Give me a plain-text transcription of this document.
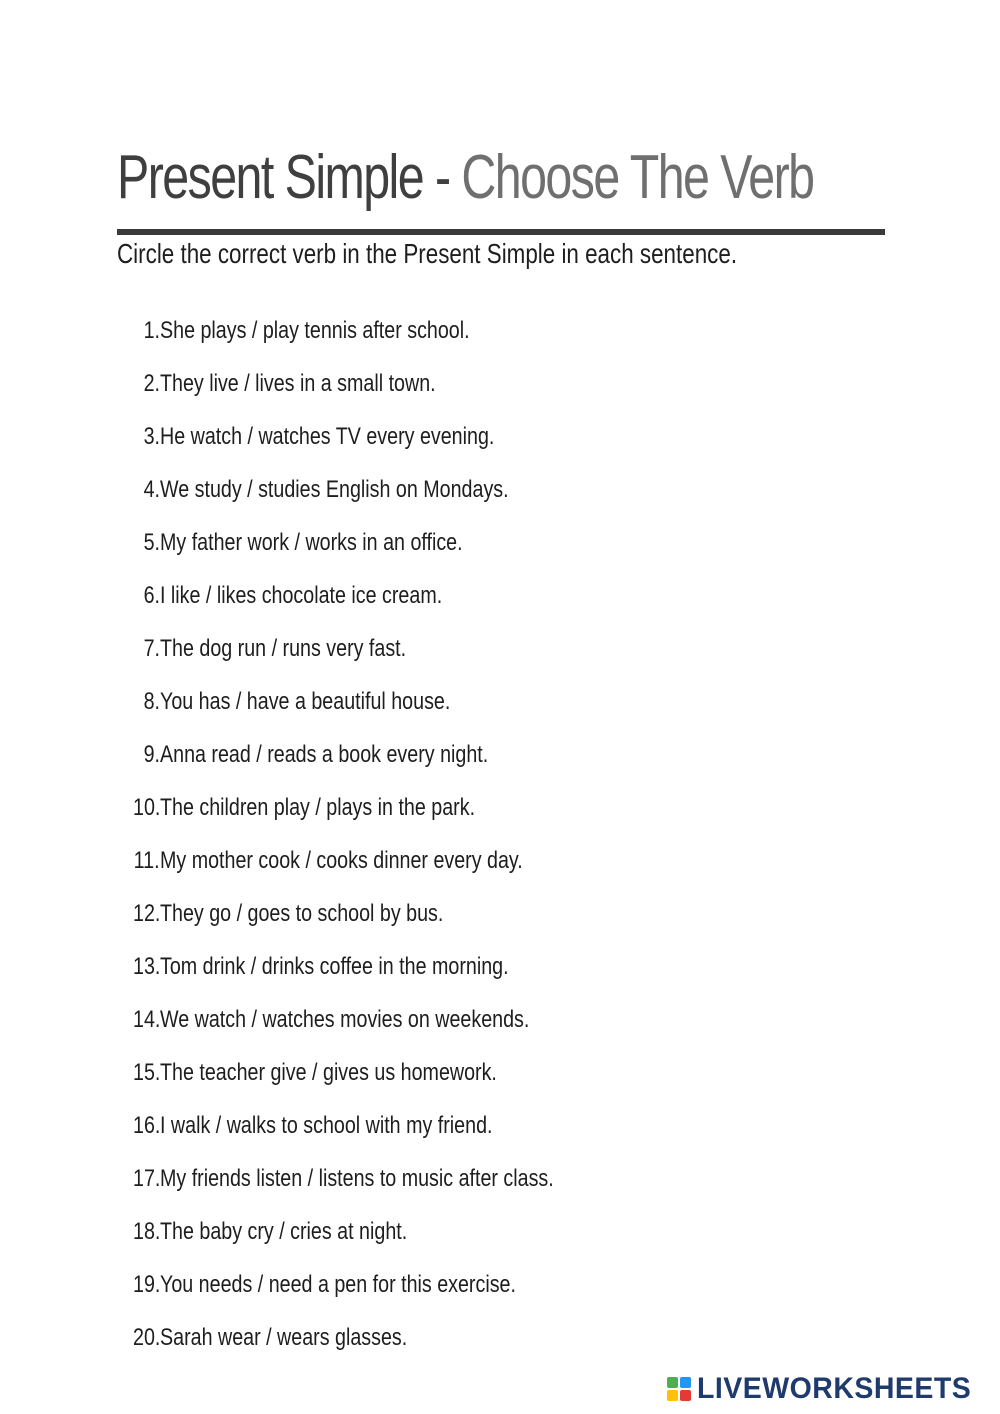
Present Simple - Choose The Verb

Circle the correct verb in the Present Simple in each sentence.

1. She plays / play tennis after school.
2. They live / lives in a small town.
3. He watch / watches TV every evening.
4. We study / studies English on Mondays.
5. My father work / works in an office.
6. I like / likes chocolate ice cream.
7. The dog run / runs very fast.
8. You has / have a beautiful house.
9. Anna read / reads a book every night.
10. The children play / plays in the park.
11. My mother cook / cooks dinner every day.
12. They go / goes to school by bus.
13. Tom drink / drinks coffee in the morning.
14. We watch / watches movies on weekends.
15. The teacher give / gives us homework.
16. I walk / walks to school with my friend.
17. My friends listen / listens to music after class.
18. The baby cry / cries at night.
19. You needs / need a pen for this exercise.
20. Sarah wear / wears glasses.
LIVEWORKSHEETS
